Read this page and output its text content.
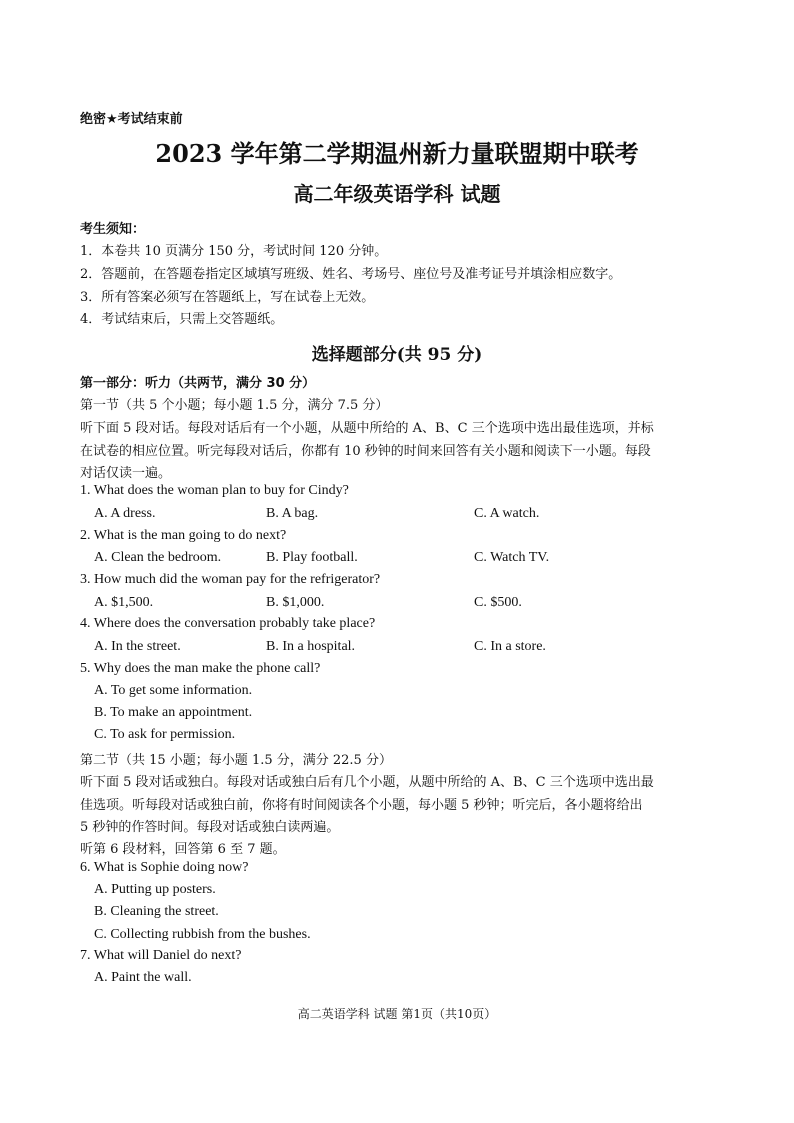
绝密★考试结束前
2023 学年第二学期温州新力量联盟期中联考
高二年级英语学科 试题
考生须知：
1．本卷共 10 页满分 150 分，考试时间 120 分钟。
2．答题前，在答题卷指定区域填写班级、姓名、考场号、座位号及准考证号并填涂相应数字。
3．所有答案必须写在答题纸上，写在试卷上无效。
4．考试结束后，只需上交答题纸。
选择题部分(共 95 分)
第一部分：听力（共两节，满分 30 分）
第一节（共 5 个小题；每小题 1.5 分，满分 7.5 分）
听下面 5 段对话。每段对话后有一个小题，从题中所给的 A、B、C 三个选项中选出最佳选项，并标
在试卷的相应位置。听完每段对话后，你都有 10 秒钟的时间来回答有关小题和阅读下一小题。每段
对话仅读一遍。
1. What does the woman plan to buy for Cindy?
A. A dress.	B. A bag.	C. A watch.
2. What is the man going to do next?
A. Clean the bedroom.	B. Play football.	C. Watch TV.
3. How much did the woman pay for the refrigerator?
A. $1,500.	B. $1,000.	C. $500.
4. Where does the conversation probably take place?
A. In the street.	B. In a hospital.	C. In a store.
5. Why does the man make the phone call?
A. To get some information.
B. To make an appointment.
C. To ask for permission.
第二节（共 15 小题；每小题 1.5 分，满分 22.5 分）
听下面 5 段对话或独白。每段对话或独白后有几个小题，从题中所给的 A、B、C 三个选项中选出最
佳选项。听每段对话或独白前，你将有时间阅读各个小题，每小题 5 秒钟；听完后，各小题将给出
5 秒钟的作答时间。每段对话或独白读两遍。
听第 6 段材料，回答第 6 至 7 题。
6. What is Sophie doing now?
A. Putting up posters.
B. Cleaning the street.
C. Collecting rubbish from the bushes.
7. What will Daniel do next?
A. Paint the wall.
高二英语学科 试题 第1页（共10页）
